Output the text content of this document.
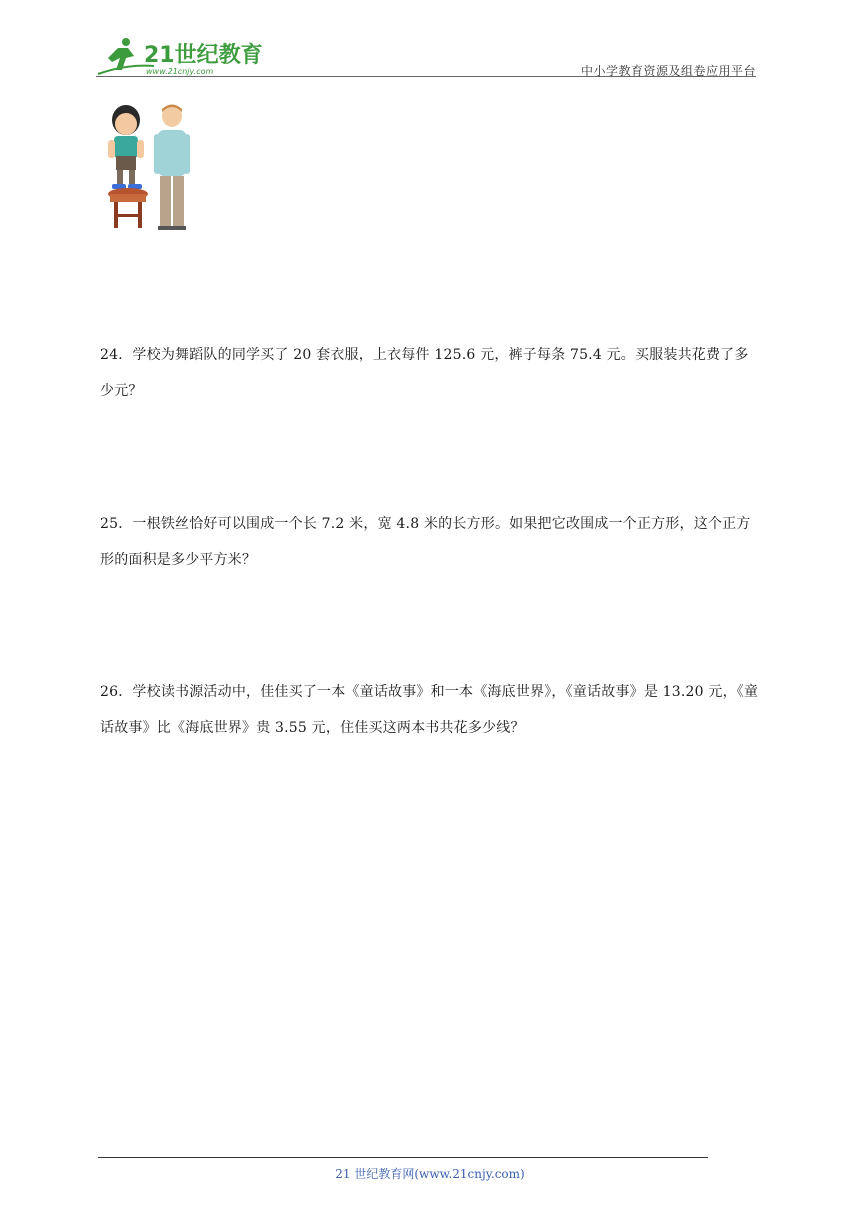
21世纪教育
www.21cnjy.com	中小学教育资源及组卷应用平台

24．学校为舞蹈队的同学买了 20 套衣服，上衣每件 125.6 元，裤子每条 75.4 元。买服装共花费了多少元？

25．一根铁丝恰好可以围成一个长 7.2 米，宽 4.8 米的长方形。如果把它改围成一个正方形，这个正方形的面积是多少平方米？

26．学校读书源活动中，佳佳买了一本《童话故事》和一本《海底世界》，《童话故事》是 13.20 元，《童话故事》比《海底世界》贵 3.55 元，住佳买这两本书共花多少线？

21 世纪教育网(www.21cnjy.com)
